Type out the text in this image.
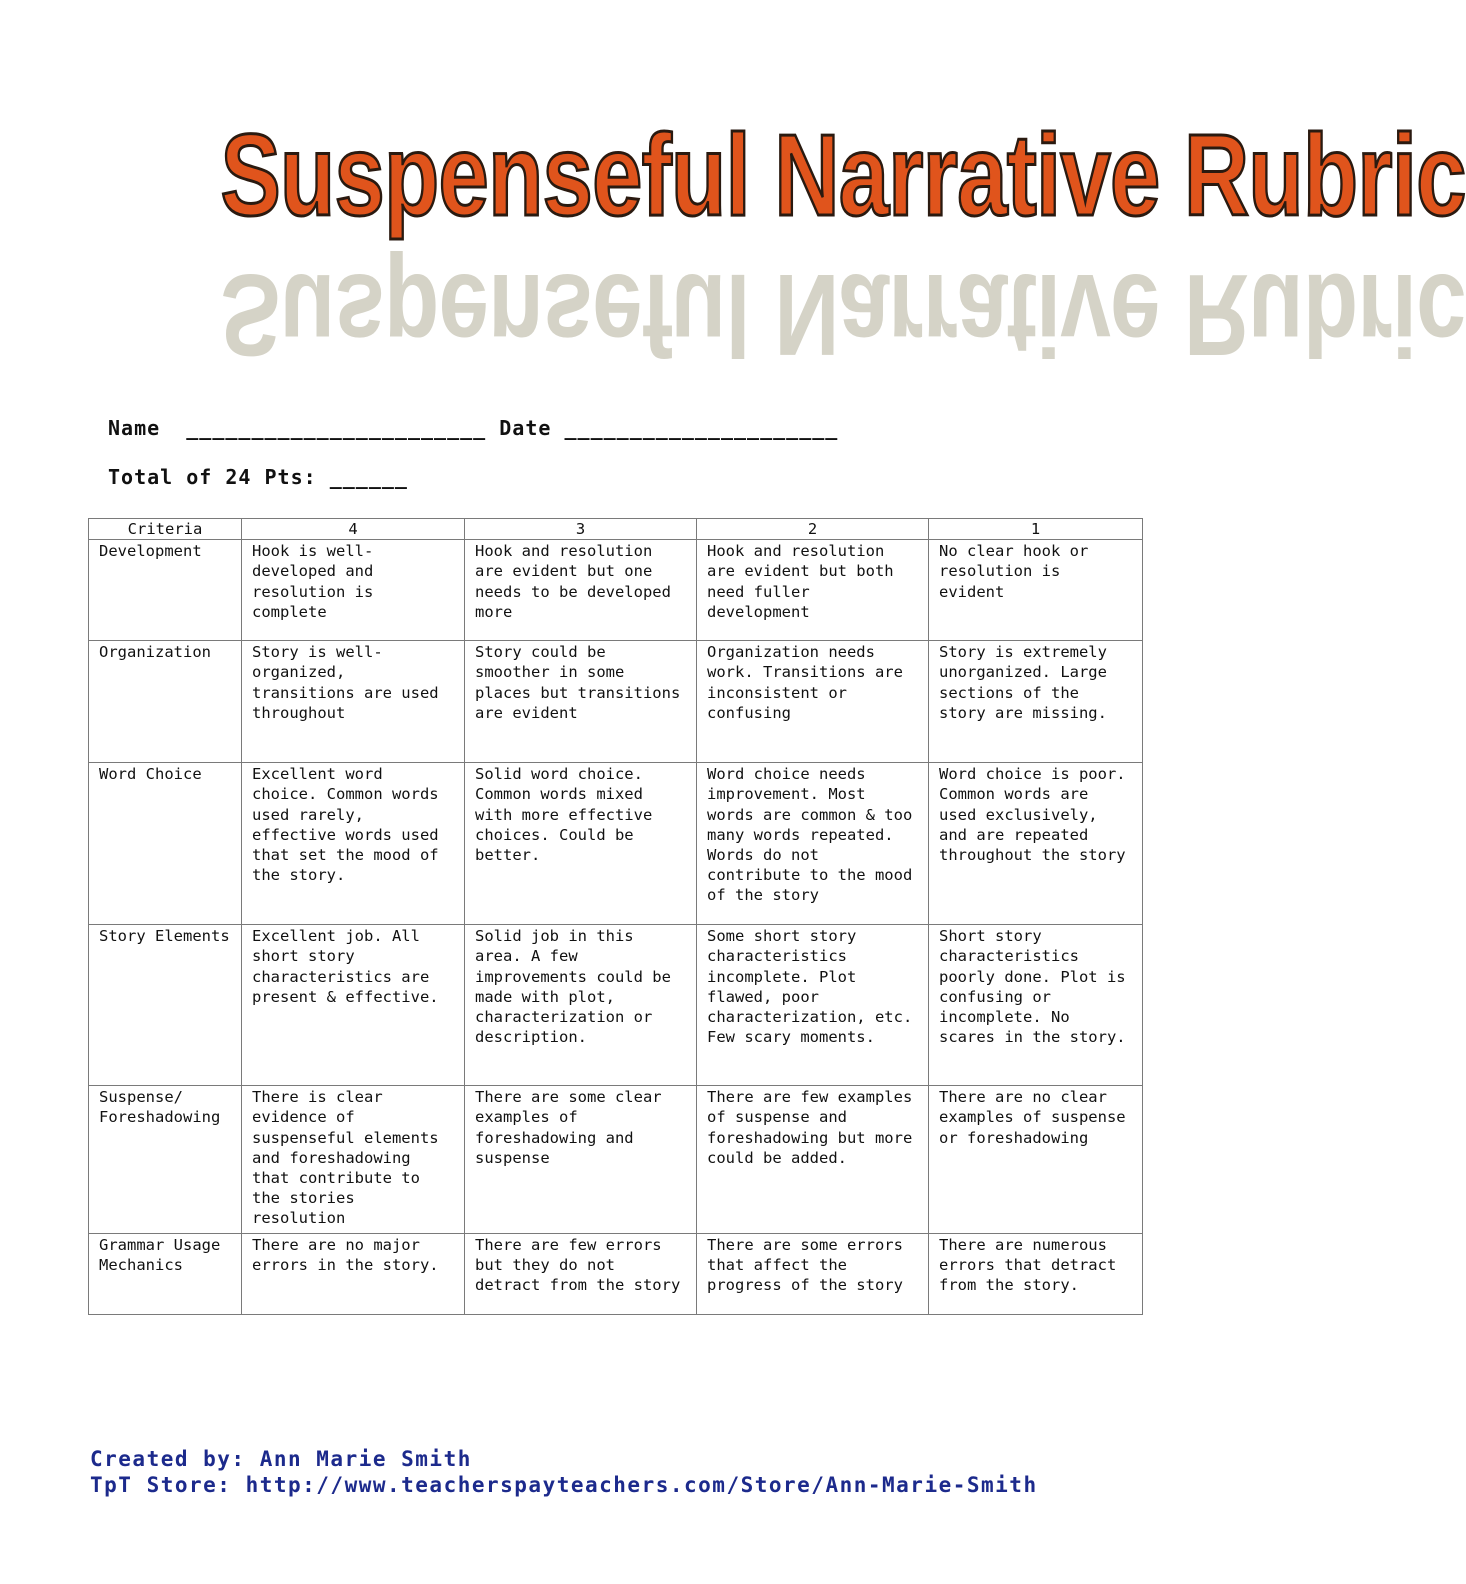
Suspenseful Narrative Rubric
Suspenseful Narrative Rubric
Name _______________________ Date _____________________
Total of 24 Pts: ______
Criteria	4	3	2	1
Development	Hook is well-developed and resolution is complete	Hook and resolution are evident but one needs to be developed more	Hook and resolution are evident but both need fuller development	No clear hook or resolution is evident
Organization	Story is well-organized, transitions are used throughout	Story could be smoother in some places but transitions are evident	Organization needs work. Transitions are inconsistent or confusing	Story is extremely unorganized. Large sections of the story are missing.
Word Choice	Excellent word choice. Common words used rarely, effective words used that set the mood of the story.	Solid word choice. Common words mixed with more effective choices. Could be better.	Word choice needs improvement. Most words are common & too many words repeated. Words do not contribute to the mood of the story	Word choice is poor. Common words are used exclusively, and are repeated throughout the story
Story Elements	Excellent job. All short story characteristics are present & effective.	Solid job in this area. A few improvements could be made with plot, characterization or description.	Some short story characteristics incomplete. Plot flawed, poor characterization, etc. Few scary moments.	Short story characteristics poorly done. Plot is confusing or incomplete. No scares in the story.
Suspense/ Foreshadowing	There is clear evidence of suspenseful elements and foreshadowing that contribute to the stories resolution	There are some clear examples of foreshadowing and suspense	There are few examples of suspense and foreshadowing but more could be added.	There are no clear examples of suspense or foreshadowing
Grammar Usage Mechanics	There are no major errors in the story.	There are few errors but they do not detract from the story	There are some errors that affect the progress of the story	There are numerous errors that detract from the story.
Created by: Ann Marie Smith
TpT Store: http://www.teacherspayteachers.com/Store/Ann-Marie-Smith
